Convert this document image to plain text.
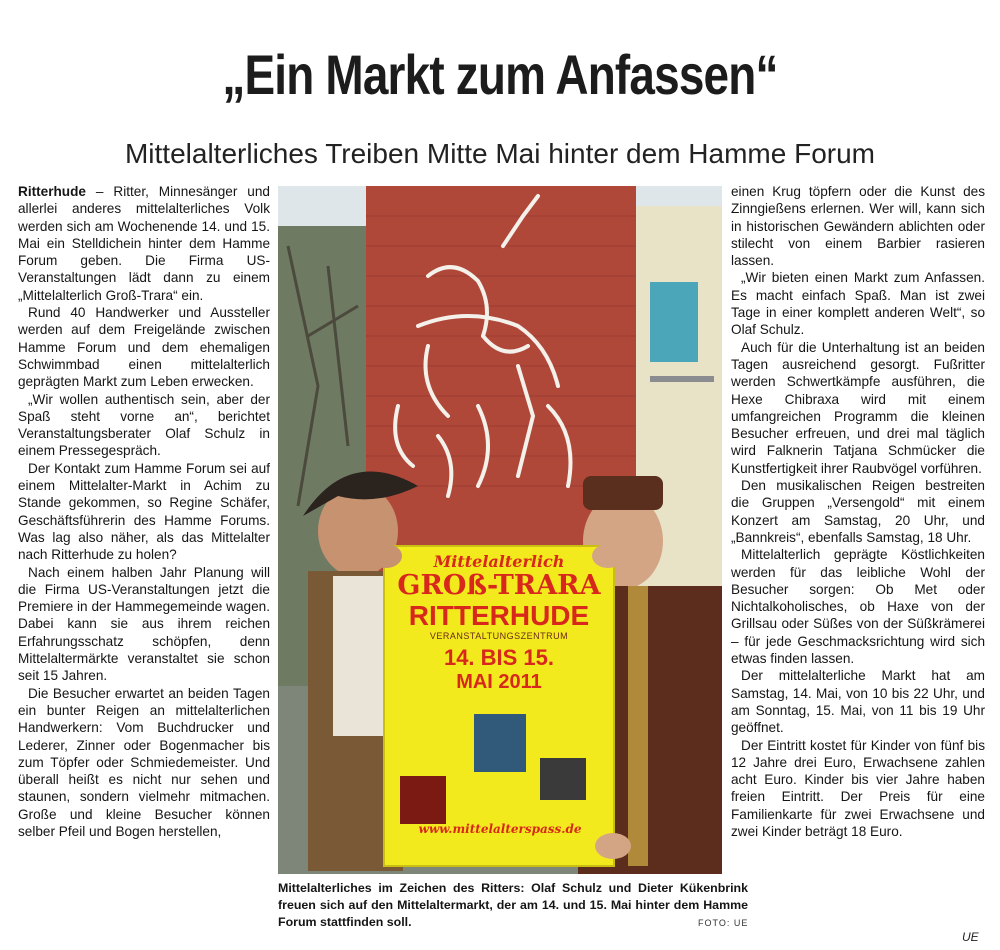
„Ein Markt zum Anfassen“
Mittelalterliches Treiben Mitte Mai hinter dem Hamme Forum

Ritterhude – Ritter, Minnesänger und allerlei anderes mittelalterliches Volk werden sich am Wochenende 14. und 15. Mai ein Stelldichein hinter dem Hamme Forum geben. Die Firma US-Veranstaltungen lädt dann zu einem „Mittelalterlich Groß-Trara“ ein.

Rund 40 Handwerker und Aussteller werden auf dem Freigelände zwischen Hamme Forum und dem ehemaligen Schwimmbad einen mittelalterlich geprägten Markt zum Leben erwecken.

„Wir wollen authentisch sein, aber der Spaß steht vorne an“, berichtet Veranstaltungsberater Olaf Schulz in einem Pressegespräch.

Der Kontakt zum Hamme Forum sei auf einem Mittelalter-Markt in Achim zu Stande gekommen, so Regine Schäfer, Geschäftsführerin des Hamme Forums. Was lag also näher, als das Mittelalter nach Ritterhude zu holen?

Nach einem halben Jahr Planung will die Firma US-Veranstaltungen jetzt die Premiere in der Hammegemeinde wagen. Dabei kann sie aus ihrem reichen Erfahrungsschatz schöpfen, denn Mittelaltermärkte veranstaltet sie schon seit 15 Jahren.

Die Besucher erwartet an beiden Tagen ein bunter Reigen an mittelalterlichen Handwerkern: Vom Buchdrucker und Lederer, Zinner oder Bogenmacher bis zum Töpfer oder Schmiedemeister. Und überall heißt es nicht nur sehen und staunen, sondern vielmehr mitmachen. Große und kleine Besucher können selber Pfeil und Bogen herstellen,

Mittelalterlich
GROß-TRARA
RITTERHUDE
VERANSTALTUNGSZENTRUM
14. BIS 15.
MAI 2011
www.mittelalterspass.de
Mittelalterliches im Zeichen des Ritters: Olaf Schulz und Dieter Kükenbrink freuen sich auf den Mittelaltermarkt, der am 14. und 15. Mai hinter dem Hamme Forum stattfinden soll.	FOTO: UE

einen Krug töpfern oder die Kunst des Zinngießens erlernen. Wer will, kann sich in historischen Gewändern ablichten oder stilecht von einem Barbier rasieren lassen.

„Wir bieten einen Markt zum Anfassen. Es macht einfach Spaß. Man ist zwei Tage in einer komplett anderen Welt“, so Olaf Schulz.

Auch für die Unterhaltung ist an beiden Tagen ausreichend gesorgt. Fußritter werden Schwertkämpfe ausführen, die Hexe Chibraxa wird mit einem umfangreichen Programm die kleinen Besucher erfreuen, und drei mal täglich wird Falknerin Tatjana Schmücker die Kunstfertigkeit ihrer Raubvögel vorführen.

Den musikalischen Reigen bestreiten die Gruppen „Versengold“ mit einem Konzert am Samstag, 20 Uhr, und „Bannkreis“, ebenfalls Samstag, 18 Uhr.

Mittelalterlich geprägte Köstlichkeiten werden für das leibliche Wohl der Besucher sorgen: Ob Met oder Nichtalkoholisches, ob Haxe von der Grillsau oder Süßes von der Süßkrämerei – für jede Geschmacksrichtung wird sich etwas finden lassen.

Der mittelalterliche Markt hat am Samstag, 14. Mai, von 10 bis 22 Uhr, und am Sonntag, 15. Mai, von 11 bis 19 Uhr geöffnet.

Der Eintritt kostet für Kinder von fünf bis 12 Jahre drei Euro, Erwachsene zahlen acht Euro. Kinder bis vier Jahre haben freien Eintritt. Der Preis für eine Familienkarte für zwei Erwachsene und zwei Kinder beträgt 18 Euro.

UE
